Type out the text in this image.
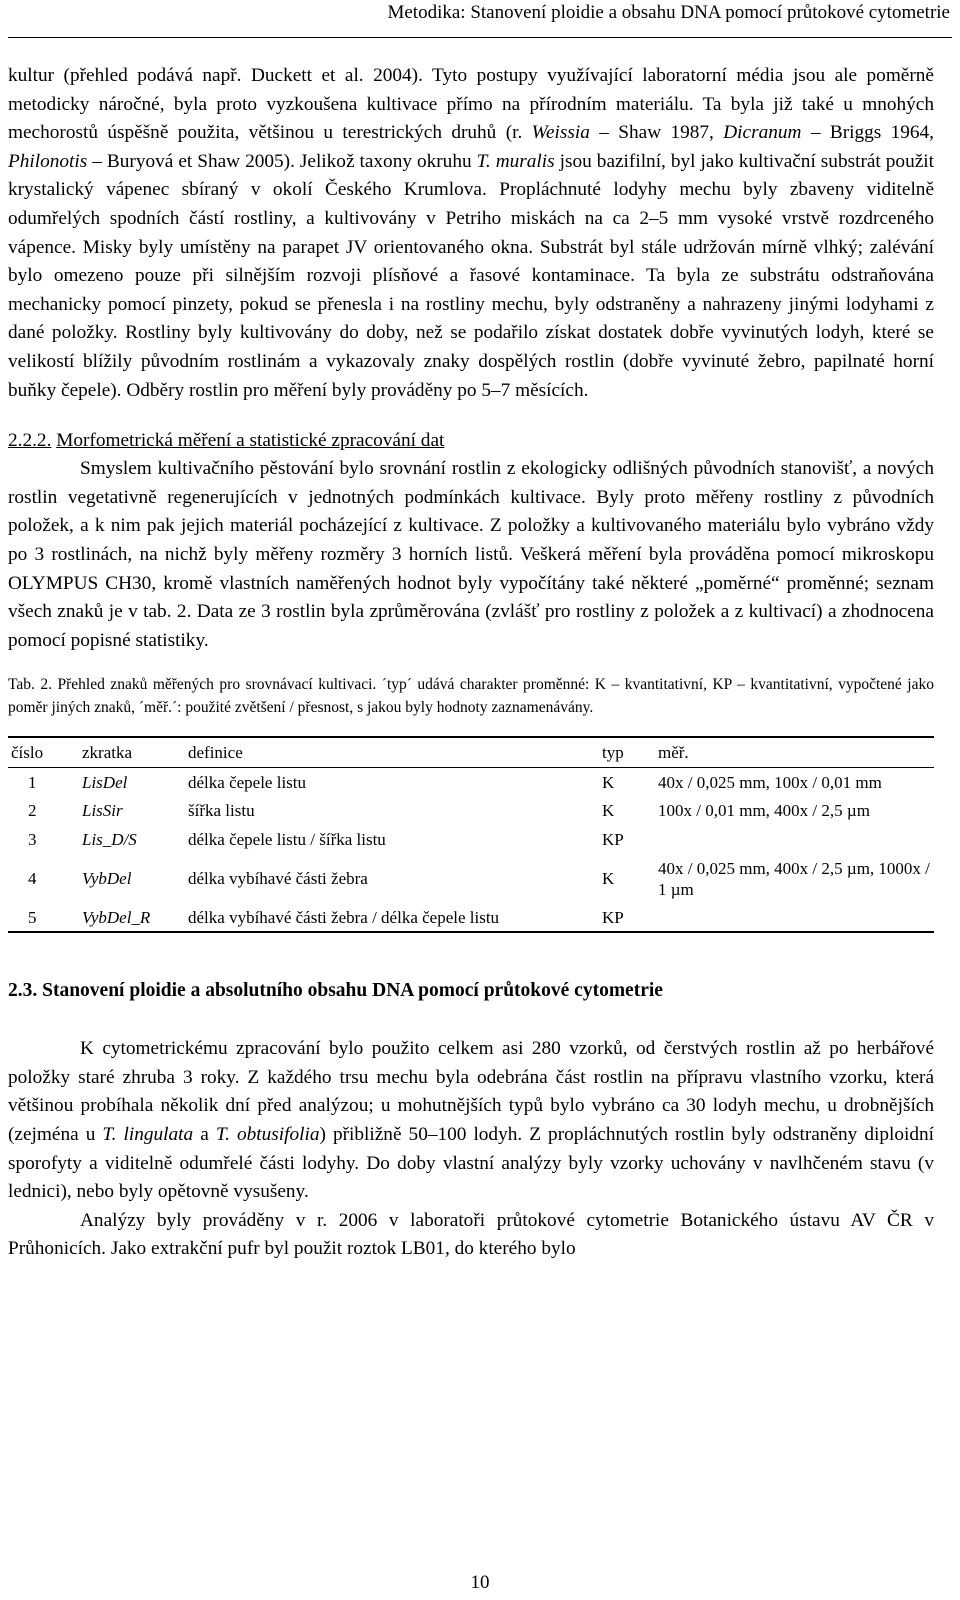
Metodika: Stanovení ploidie a obsahu DNA pomocí průtokové cytometrie

kultur (přehled podává např. Duckett et al. 2004). Tyto postupy využívající laboratorní média jsou ale poměrně metodicky náročné, byla proto vyzkoušena kultivace přímo na přírodním materiálu. Ta byla již také u mnohých mechorostů úspěšně použita, většinou u terestrických druhů (r. Weissia – Shaw 1987, Dicranum – Briggs 1964, Philonotis – Buryová et Shaw 2005). Jelikož taxony okruhu T. muralis jsou bazifilní, byl jako kultivační substrát použit krystalický vápenec sbíraný v okolí Českého Krumlova. Propláchnuté lodyhy mechu byly zbaveny viditelně odumřelých spodních částí rostliny, a kultivovány v Petriho miskách na ca 2–5 mm vysoké vrstvě rozdrceného vápence. Misky byly umístěny na parapet JV orientovaného okna. Substrát byl stále udržován mírně vlhký; zalévání bylo omezeno pouze při silnějším rozvoji plísňové a řasové kontaminace. Ta byla ze substrátu odstraňována mechanicky pomocí pinzety, pokud se přenesla i na rostliny mechu, byly odstraněny a nahrazeny jinými lodyhami z dané položky. Rostliny byly kultivovány do doby, než se podařilo získat dostatek dobře vyvinutých lodyh, které se velikostí blížily původním rostlinám a vykazovaly znaky dospělých rostlin (dobře vyvinuté žebro, papilnaté horní buňky čepele). Odběry rostlin pro měření byly prováděny po 5–7 měsících.

2.2.2. Morfometrická měření a statistické zpracování dat

Smyslem kultivačního pěstování bylo srovnání rostlin z ekologicky odlišných původních stanovišť, a nových rostlin vegetativně regenerujících v jednotných podmínkách kultivace. Byly proto měřeny rostliny z původních položek, a k nim pak jejich materiál pocházející z kultivace. Z položky a kultivovaného materiálu bylo vybráno vždy po 3 rostlinách, na nichž byly měřeny rozměry 3 horních listů. Veškerá měření byla prováděna pomocí mikroskopu OLYMPUS CH30, kromě vlastních naměřených hodnot byly vypočítány také některé „poměrné“ proměnné; seznam všech znaků je v tab. 2. Data ze 3 rostlin byla zprůměrována (zvlášť pro rostliny z položek a z kultivací) a zhodnocena pomocí popisné statistiky.

Tab. 2. Přehled znaků měřených pro srovnávací kultivaci. ´typ´ udává charakter proměnné: K – kvantitativní, KP – kvantitativní, vypočtené jako poměr jiných znaků, ´měř.´: použité zvětšení / přesnost, s jakou byly hodnoty zaznamenávány.
číslo	zkratka	definice	typ	měř.
1	LisDel	délka čepele listu	K	40x / 0,025 mm, 100x / 0,01 mm
2	LisSir	šířka listu	K	100x / 0,01 mm, 400x / 2,5 µm
3	Lis_D/S	délka čepele listu / šířka listu	KP	
4	VybDel	délka vybíhavé části žebra	K	40x / 0,025 mm, 400x / 2,5 µm, 1000x / 1 µm
5	VybDel_R	délka vybíhavé části žebra / délka čepele listu	KP	
2.3. Stanovení ploidie a absolutního obsahu DNA pomocí průtokové cytometrie

K cytometrickému zpracování bylo použito celkem asi 280 vzorků, od čerstvých rostlin až po herbářové položky staré zhruba 3 roky. Z každého trsu mechu byla odebrána část rostlin na přípravu vlastního vzorku, která většinou probíhala několik dní před analýzou; u mohutnějších typů bylo vybráno ca 30 lodyh mechu, u drobnějších (zejména u T. lingulata a T. obtusifolia) přibližně 50–100 lodyh. Z propláchnutých rostlin byly odstraněny diploidní sporofyty a viditelně odumřelé části lodyhy. Do doby vlastní analýzy byly vzorky uchovány v navlhčeném stavu (v lednici), nebo byly opětovně vysušeny.

Analýzy byly prováděny v r. 2006 v laboratoři průtokové cytometrie Botanického ústavu AV ČR v Průhonicích. Jako extrakční pufr byl použit roztok LB01, do kterého bylo

10
